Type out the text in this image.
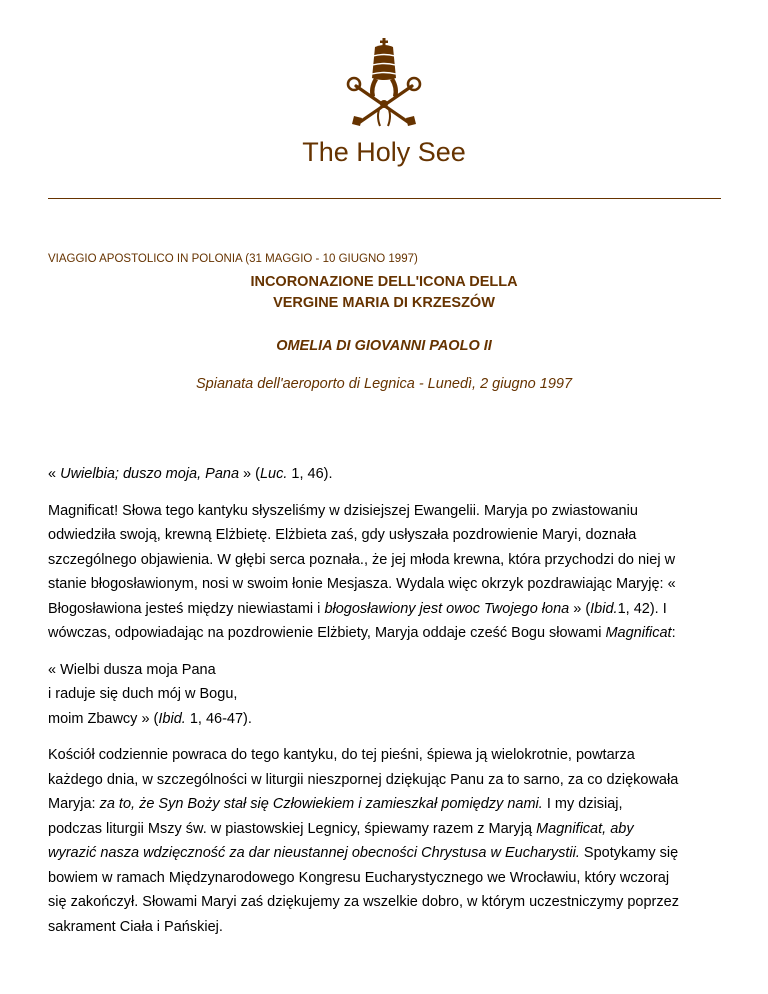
The Holy See
VIAGGIO APOSTOLICO IN POLONIA (31 MAGGIO - 10 GIUGNO 1997)
INCORONAZIONE DELL'ICONA DELLA
VERGINE MARIA DI KRZESZÓW

OMELIA DI GIOVANNI PAOLO II

Spianata dell'aeroporto di Legnica - Lunedì, 2 giugno 1997

« Uwielbia; duszo moja, Pana » (Luc. 1, 46).

Magnificat! Słowa tego kantyku słyszeliśmy w dzisiejszej Ewangelii. Maryja po zwiastowaniu
odwiedziła swoją, krewną Elżbietę. Elżbieta zaś, gdy usłyszała pozdrowienie Maryi, doznała
szczególnego objawienia. W głębi serca poznała., że jej młoda krewna, która przychodzi do niej w
stanie błogosławionym, nosi w swoim łonie Mesjasza. Wydala więc okrzyk pozdrawiając Maryję: «
Błogosławiona jesteś między niewiastami i błogosławiony jest owoc Twojego łona » (Ibid.1, 42). I
wówczas, odpowiadając na pozdrowienie Elżbiety, Maryja oddaje cześć Bogu słowami Magnificat:

« Wielbi dusza moja Pana
i raduje się duch mój w Bogu,
moim Zbawcy » (Ibid. 1, 46-47).

Kościół codziennie powraca do tego kantyku, do tej pieśni, śpiewa ją wielokrotnie, powtarza
każdego dnia, w szczególności w liturgii nieszpornej dziękując Panu za to sarno, za co dziękowała
Maryja: za to, że Syn Boży stał się Człowiekiem i zamieszkał pomiędzy nami. I my dzisiaj,
podczas liturgii Mszy św. w piastowskiej Legnicy, śpiewamy razem z Maryją Magnificat, aby
wyrazić nasza wdzięczność za dar nieustannej obecności Chrystusa w Eucharystii. Spotykamy się
bowiem w ramach Międzynarodowego Kongresu Eucharystycznego we Wrocławiu, który wczoraj
się zakończył. Słowami Maryi zaś dziękujemy za wszelkie dobro, w którym uczestniczymy poprzez
sakrament Ciała i Pańskiej.
